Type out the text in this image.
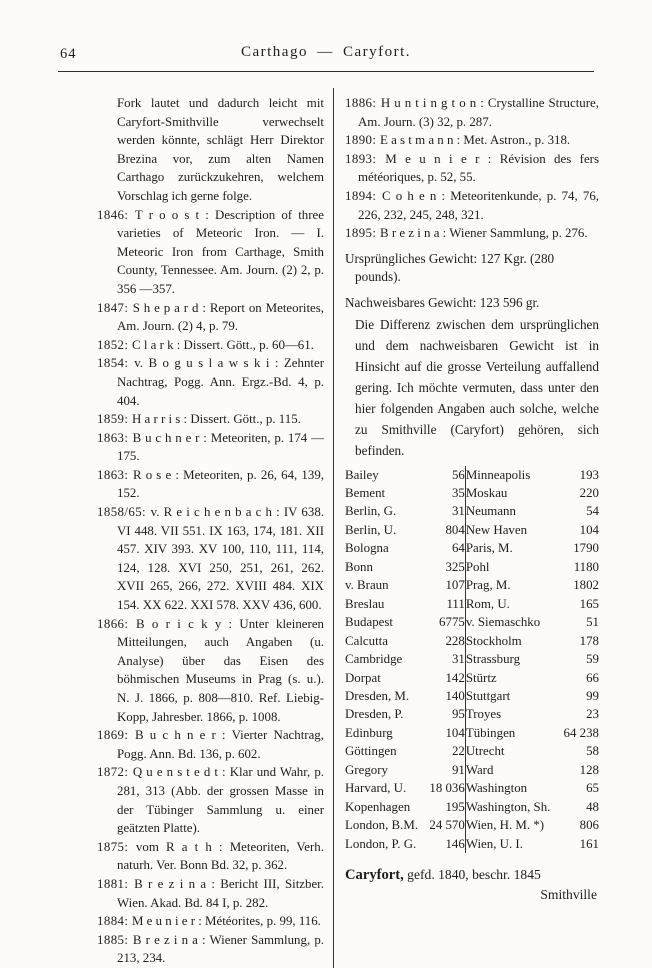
64	Carthago — Caryfort.

Fork lautet und dadurch leicht mit Caryfort-Smithville verwechselt werden könnte, schlägt Herr Direktor Brezina vor, zum alten Namen Carthago zurückzukehren, welchem Vorschlag ich gerne folge.

1846: T r o o s t : Description of three varieties of Meteoric Iron. — I. Meteoric Iron from Carthage, Smith County, Tennessee. Am. Journ. (2) 2, p. 356 —357.

1847: S h e p a r d : Report on Meteorites, Am. Journ. (2) 4, p. 79.

1852: C l a r k : Dissert. Gött., p. 60—61.

1854: v. B o g u s l a w s k i : Zehnter Nachtrag, Pogg. Ann. Ergz.-Bd. 4, p. 404.

1859: H a r r i s : Dissert. Gött., p. 115.

1863: B u c h n e r : Meteoriten, p. 174 —175.

1863: R o s e : Meteoriten, p. 26, 64, 139, 152.

1858/65: v. R e i c h e n b a c h : IV 638. VI 448. VII 551. IX 163, 174, 181. XII 457. XIV 393. XV 100, 110, 111, 114, 124, 128. XVI 250, 251, 261, 262. XVII 265, 266, 272. XVIII 484. XIX 154. XX 622. XXI 578. XXV 436, 600.

1866: B o r i c k y : Unter kleineren Mitteilungen, auch Angaben (u. Analyse) über das Eisen des böhmischen Museums in Prag (s. u.). N. J. 1866, p. 808—810. Ref. Liebig-Kopp, Jahresber. 1866, p. 1008.

1869: B u c h n e r : Vierter Nachtrag, Pogg. Ann. Bd. 136, p. 602.

1872: Q u e n s t e d t : Klar und Wahr, p. 281, 313 (Abb. der grossen Masse in der Tübinger Sammlung u. einer geätzten Platte).

1875: vom R a t h : Meteoriten, Verh. naturh. Ver. Bonn Bd. 32, p. 362.

1881: B r e z i n a : Bericht III, Sitzber. Wien. Akad. Bd. 84 I, p. 282.

1884: M e u n i e r : Météorites, p. 99, 116.

1885: B r e z i n a : Wiener Sammlung, p. 213, 234.

1886: H u n t i n g t o n : Crystalline Structure, Am. Journ. (3) 32, p. 287.

1890: E a s t m a n n : Met. Astron., p. 318.

1893: M e u n i e r : Révision des fers météoriques, p. 52, 55.

1894: C o h e n : Meteoritenkunde, p. 74, 76, 226, 232, 245, 248, 321.

1895: B r e z i n a : Wiener Sammlung, p. 276.

Ursprüngliches Gewicht: 127 Kgr. (280 pounds).

Nachweisbares Gewicht: 123 596 gr.

Die Differenz zwischen dem ursprünglichen und dem nachweisbaren Gewicht ist in Hinsicht auf die grosse Verteilung auffallend gering. Ich möchte vermuten, dass unter den hier folgenden Angaben auch solche, welche zu Smithville (Caryfort) gehören, sich befinden.

Bailey	56	Minneapolis	193
Bement	35	Moskau	220
Berlin, G.	31	Neumann	54
Berlin, U.	804	New Haven	104
Bologna	64	Paris, M.	1790
Bonn	325	Pohl	1180
v. Braun	107	Prag, M.	1802
Breslau	111	Rom, U.	165
Budapest	6775	v. Siemaschko	51
Calcutta	228	Stockholm	178
Cambridge	31	Strassburg	59
Dorpat	142	Stürtz	66
Dresden, M.	140	Stuttgart	99
Dresden, P.	95	Troyes	23
Edinburg	104	Tübingen	64 238
Göttingen	22	Utrecht	58
Gregory	91	Ward	128
Harvard, U.	18 036	Washington	65
Kopenhagen	195	Washington, Sh.	48
London, B.M.	24 570	Wien, H. M. *)	806
London, P. G.	146	Wien, U. I.	161

Caryfort, gefd. 1840, beschr. 1845

Smithville
